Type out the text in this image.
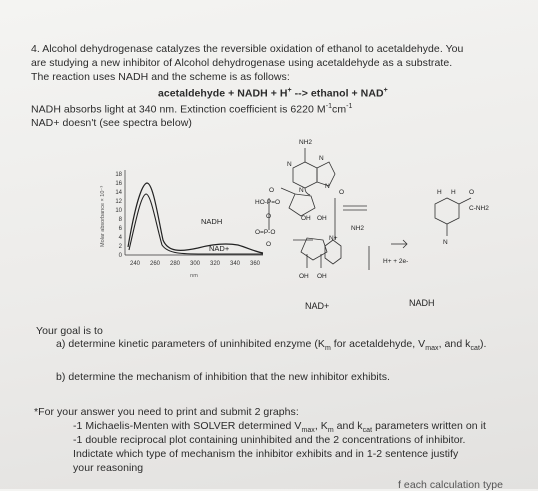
4. Alcohol dehydrogenase catalyzes the reversible oxidation of ethanol to acetaldehyde. You
are studying a new inhibitor of Alcohol dehydrogenase using acetaldehyde as a substrate.
The reaction uses NADH and the scheme is as follows:
acetaldehyde + NADH + H+ --> ethanol + NAD+
NADH absorbs light at 340 nm. Extinction coefficient is 6220 $M^{-1}cm^{-1}$
NAD+ doesn't (see spectra below)
Molar absorbance × 10⁻³
18
16
14
12
10
8
6
4
2
0
240 260 280 300 320 340 360
nm
NADH
NAD+
NH2
N
N
N
N
O
HO-P=O
O
O=P-O
O
OH OH
O
NH2
N+
OH OH
H H O
C-NH2
N
H+ + 2e-
NAD+	NADH
Your goal is to
a) determine kinetic parameters of uninhibited enzyme ($K_m$ for acetaldehyde, $V_{max}$, and $k_{cat}$).
b) determine the mechanism of inhibition that the new inhibitor exhibits.
*For your answer you need to print and submit 2 graphs:
-1 Michaelis-Menten with SOLVER determined $V_{max}$, $K_m$ and $k_{cat}$ parameters written on it
-1 double reciprocal plot containing uninhibited and the 2 concentrations of inhibitor.
Indictate which type of mechanism the inhibitor exhibits and in 1-2 sentence justify
your reasoning
f each calculation type
